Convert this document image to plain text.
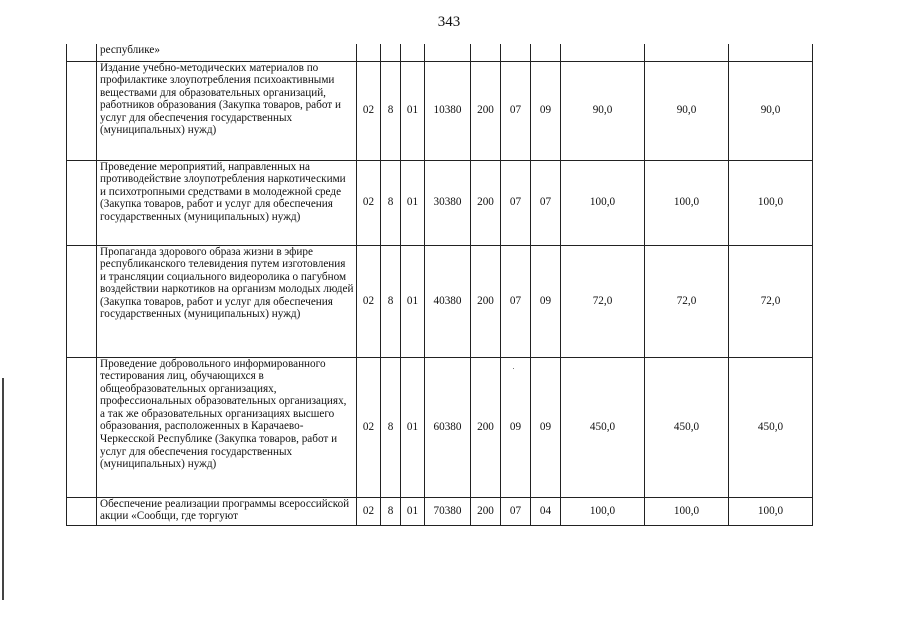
343
	республике»										
	Издание учебно-методических материалов по профилактике злоупотребления психоактивными веществами для образовательных организаций, работников образования (Закупка товаров, работ и услуг для обеспечения государственных (муниципальных) нужд)	02	8	01	10380	200	07	09	90,0	90,0	90,0
	Проведение мероприятий, направленных на противодействие злоупотребления наркотическими и психотропными средствами в молодежной среде (Закупка товаров, работ и услуг для обеспечения государственных (муниципальных) нужд)	02	8	01	30380	200	07	07	100,0	100,0	100,0
	Пропаганда здорового образа жизни в эфире республиканского телевидения путем изготовления и трансляции социального видеоролика о пагубном воздействии наркотиков на организм молодых людей (Закупка товаров, работ и услуг для обеспечения государственных (муниципальных) нужд)	02	8	01	40380	200	07	09	72,0	72,0	72,0
	Проведение добровольного информированного тестирования лиц, обучающихся в общеобразовательных организациях, профессиональных образовательных организациях, а так же образовательных организациях высшего образования, расположенных в Карачаево-Черкесской Республике (Закупка товаров, работ и услуг для обеспечения государственных (муниципальных) нужд)	02	8	01	60380	200	09	09	450,0	450,0	450,0
	Обеспечение реализации программы всероссийской акции «Сообщи, где торгуют	02	8	01	70380	200	07	04	100,0	100,0	100,0
